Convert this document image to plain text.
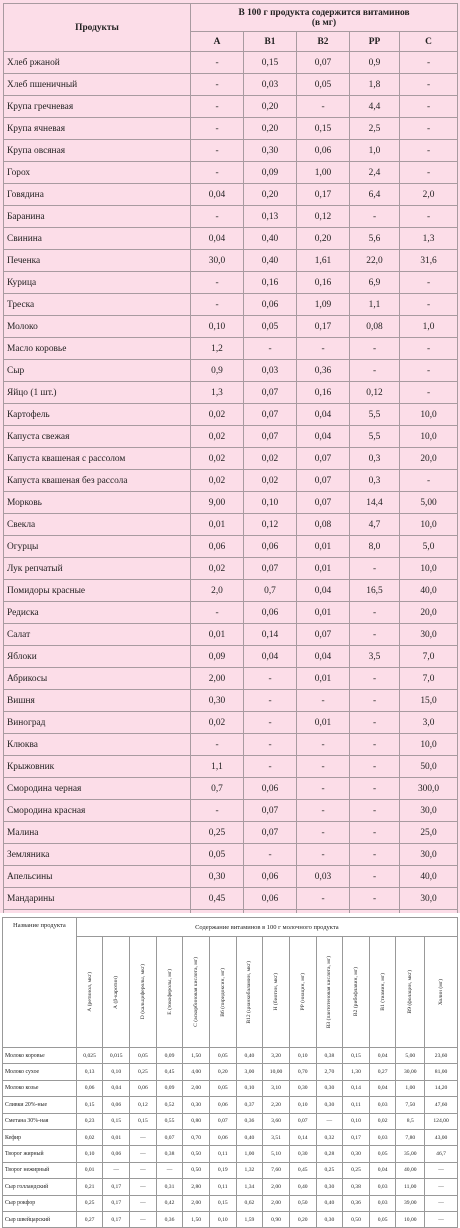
Продукты	В 100 г продукта содержится витаминов
(в мг)				
	А	В1	В2	РР	С
Хлеб ржаной	-	0,15	0,07	0,9	-
Хлеб пшеничный	-	0,03	0,05	1,8	-
Крупа гречневая	-	0,20	-	4,4	-
Крупа ячневая	-	0,20	0,15	2,5	-
Крупа овсяная	-	0,30	0,06	1,0	-
Горох	-	0,09	1,00	2,4	-
Говядина	0,04	0,20	0,17	6,4	2,0
Баранина	-	0,13	0,12	-	-
Свинина	0,04	0,40	0,20	5,6	1,3
Печенка	30,0	0,40	1,61	22,0	31,6
Курица	-	0,16	0,16	6,9	-
Треска	-	0,06	1,09	1,1	-
Молоко	0,10	0,05	0,17	0,08	1,0
Масло коровье	1,2	-	-	-	-
Сыр	0,9	0,03	0,36	-	-
Яйцо (1 шт.)	1,3	0,07	0,16	0,12	-
Картофель	0,02	0,07	0,04	5,5	10,0
Капуста свежая	0,02	0,07	0,04	5,5	10,0
Капуста квашеная с рассолом	0,02	0,02	0,07	0,3	20,0
Капуста квашеная без рассола	0,02	0,02	0,07	0,3	-
Морковь	9,00	0,10	0,07	14,4	5,00
Свекла	0,01	0,12	0,08	4,7	10,0
Огурцы	0,06	0,06	0,01	8,0	5,0
Лук репчатый	0,02	0,07	0,01	-	10,0
Помидоры красные	2,0	0,7	0,04	16,5	40,0
Редиска	-	0,06	0,01	-	20,0
Салат	0,01	0,14	0,07	-	30,0
Яблоки	0,09	0,04	0,04	3,5	7,0
Абрикосы	2,00	-	0,01	-	7,0
Вишня	0,30	-	-	-	15,0
Виноград	0,02	-	0,01	-	3,0
Клюква	-	-	-	-	10,0
Крыжовник	1,1	-	-	-	50,0
Смородина черная	0,7	0,06	-	-	300,0
Смородина красная	-	0,07	-	-	30,0
Малина	0,25	0,07	-	-	25,0
Земляника	0,05	-	-	-	30,0
Апельсины	0,30	0,06	0,03	-	40,0
Мандарины	0,45	0,06	-	-	30,0

Название продукта	Содержание витаминов в 100 г молочного продукта													

	А (ретинол, мкг)	А (β-каротин)	D (кальциферолы, мкг)	Е (токоферолы, мг)	С (аскорбиновая кислота, мг)	В6 (пиридоксин, мг)	В12 (цианкобаламин, мкг)	Н (биотин, мкг)	РР (ниацин, мг)	В3 (пантотеновая кислота, мг)	В2 (рибофлавин, мг)	В1 (тиамин, мг)	В9 (фолацин, мкг)	Холин (мг)

Молоко коровье	0,025	0,015	0,05	0,09	1,50	0,05	0,40	3,20	0,10	0,38	0,15	0,04	5,00	23,60
Молоко сухое	0,13	0,10	0,25	0,45	4,00	0,20	3,00	10,00	0,70	2,70	1,30	0,27	30,00	81,00
Молоко козье	0,06	0,04	0,06	0,09	2,00	0,05	0,10	3,10	0,30	0,30	0,14	0,04	1,00	14,20
Сливки 20%-ные	0,15	0,06	0,12	0,52	0,30	0,06	0,37	2,20	0,10	0,30	0,11	0,03	7,50	47,60
Сметана 30%-ная	0,23	0,15	0,15	0,55	0,80	0,07	0,36	3,60	0,07	—	0,10	0,02	8,5	124,00
Кефир	0,02	0,01	—	0,07	0,70	0,06	0,40	3,51	0,14	0,32	0,17	0,03	7,80	43,00
Творог жирный	0,10	0,06	—	0,38	0,50	0,11	1,00	5,10	0,30	0,28	0,30	0,05	35,00	46,7
Творог нежирный	0,01	—	—	—	0,50	0,19	1,32	7,60	0,45	0,25	0,25	0,04	40,00	—
Сыр голландский	0,21	0,17	—	0,31	2,80	0,11	1,34	2,00	0,40	0,30	0,38	0,03	11,00	—
Сыр рокфор	0,25	0,17	—	0,42	2,00	0,15	0,62	2,00	0,50	0,40	0,36	0,03	39,00	—
Сыр швейцарский	0,27	0,17	—	0,36	1,50	0,10	1,59	0,90	0,20	0,30	0,50	0,05	10,00	—
